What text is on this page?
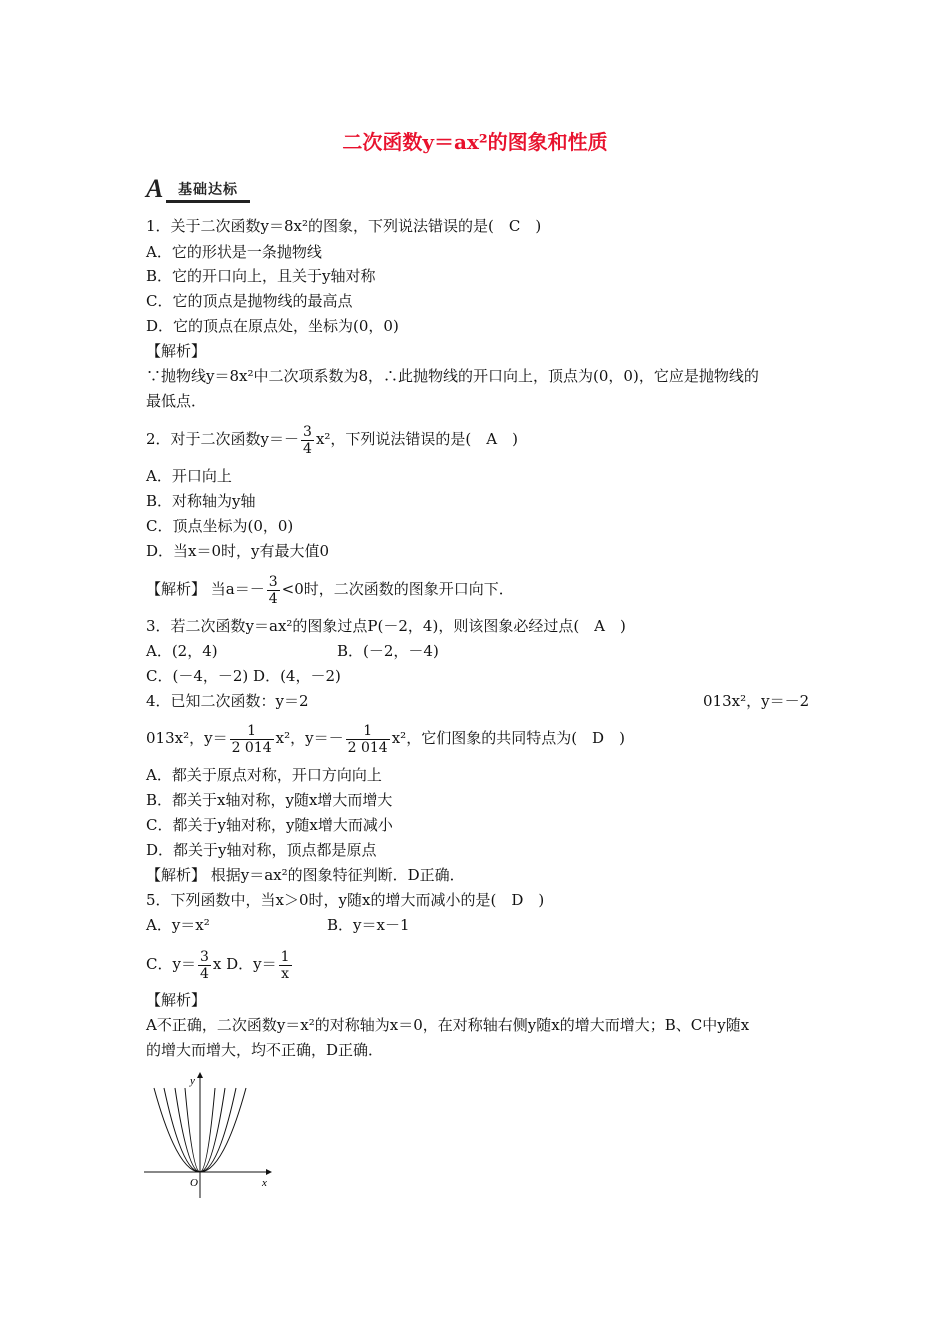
二次函数y＝ax²的图象和性质
A 基础达标
1．关于二次函数y＝8x²的图象，下列说法错误的是(　C　)
A．它的形状是一条抛物线
B．它的开口向上，且关于y轴对称
C．它的顶点是抛物线的最高点
D．它的顶点在原点处，坐标为(0，0)
【解析】
∵抛物线y＝8x²中二次项系数为8，∴此抛物线的开口向上，顶点为(0，0)，它应是抛物线的
最低点．
2．对于二次函数$y=- \frac{3}{4} x^2$，下列说法错误的是(　A　)
A．开口向上
B．对称轴为y轴
C．顶点坐标为(0，0)
D．当x＝0时，y有最大值0
【解析】 当$a=- \frac{3}{4} <0$时，二次函数的图象开口向下．
3．若二次函数y＝ax²的图象过点P(－2，4)，则该图象必经过点(　A　)
A．(2，4)	B．(－2，－4)
C．(－4，－2) D．(4，－2)
4．已知二次函数：y＝2	013x²，y＝－2
013x²，$y= \frac{1}{2 014} x^2$，$y=- \frac{1}{2 014} x^2$，它们图象的共同特点为(　D　)
A．都关于原点对称，开口方向向上
B．都关于x轴对称，y随x增大而增大
C．都关于y轴对称，y随x增大而减小
D．都关于y轴对称，顶点都是原点
【解析】 根据y＝ax²的图象特征判断．D正确．
5．下列函数中，当x＞0时，y随x的增大而减小的是(　D　)
A．y＝x²	B．y＝x－1
C．$y= \frac{3}{4}$ x D．$y= \frac{1}{x}$
【解析】
A不正确，二次函数y＝x²的对称轴为x＝0，在对称轴右侧y随x的增大而增大；B、C中y随x
的增大而增大，均不正确，D正确．
y
x
O
